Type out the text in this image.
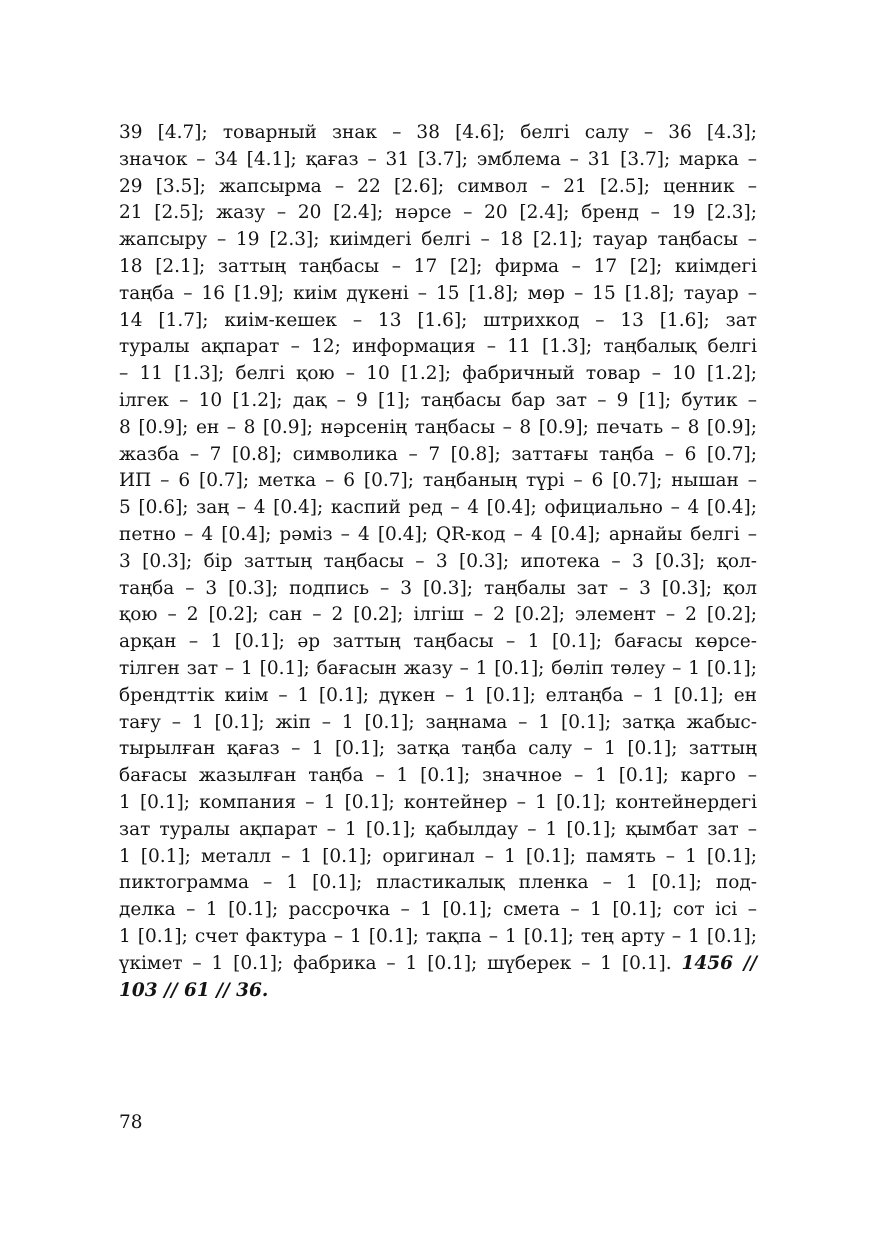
39 [4.7]; товарный знак – 38 [4.6]; белгі салу – 36 [4.3];
значок – 34 [4.1]; қағаз – 31 [3.7]; эмблема – 31 [3.7]; марка –
29 [3.5]; жапсырма – 22 [2.6]; символ – 21 [2.5]; ценник –
21 [2.5]; жазу – 20 [2.4]; нәрсе – 20 [2.4]; бренд – 19 [2.3];
жапсыру – 19 [2.3]; киімдегі белгі – 18 [2.1]; тауар таңбасы –
18 [2.1]; заттың таңбасы – 17 [2]; фирма – 17 [2]; киімдегі
таңба – 16 [1.9]; киім дүкені – 15 [1.8]; мөр – 15 [1.8]; тауар –
14 [1.7]; киім-кешек – 13 [1.6]; штрихкод – 13 [1.6]; зат
туралы ақпарат – 12; информация – 11 [1.3]; таңбалық белгі
– 11 [1.3]; белгі қою – 10 [1.2]; фабричный товар – 10 [1.2];
ілгек – 10 [1.2]; дақ – 9 [1]; таңбасы бар зат – 9 [1]; бутик –
8 [0.9]; ен – 8 [0.9]; нәрсенің таңбасы – 8 [0.9]; печать – 8 [0.9];
жазба – 7 [0.8]; символика – 7 [0.8]; заттағы таңба – 6 [0.7];
ИП – 6 [0.7]; метка – 6 [0.7]; таңбаның түрі – 6 [0.7]; нышан –
5 [0.6]; заң – 4 [0.4]; каспий ред – 4 [0.4]; официально – 4 [0.4];
петно – 4 [0.4]; рәміз – 4 [0.4]; QR-код – 4 [0.4]; арнайы белгі –
3 [0.3]; бір заттың таңбасы – 3 [0.3]; ипотека – 3 [0.3]; қол-
таңба – 3 [0.3]; подпись – 3 [0.3]; таңбалы зат – 3 [0.3]; қол
қою – 2 [0.2]; сан – 2 [0.2]; ілгіш – 2 [0.2]; элемент – 2 [0.2];
арқан – 1 [0.1]; әр заттың таңбасы – 1 [0.1]; бағасы көрсе-
тілген зат – 1 [0.1]; бағасын жазу – 1 [0.1]; бөліп төлеу – 1 [0.1];
брендттік киім – 1 [0.1]; дүкен – 1 [0.1]; елтаңба – 1 [0.1]; ен
тағу – 1 [0.1]; жіп – 1 [0.1]; заңнама – 1 [0.1]; затқа жабыс-
тырылған қағаз – 1 [0.1]; затқа таңба салу – 1 [0.1]; заттың
бағасы жазылған таңба – 1 [0.1]; значное – 1 [0.1]; карго –
1 [0.1]; компания – 1 [0.1]; контейнер – 1 [0.1]; контейнердегі
зат туралы ақпарат – 1 [0.1]; қабылдау – 1 [0.1]; қымбат зат –
1 [0.1]; металл – 1 [0.1]; оригинал – 1 [0.1]; память – 1 [0.1];
пиктограмма – 1 [0.1]; пластикалық пленка – 1 [0.1]; под-
делка – 1 [0.1]; рассрочка – 1 [0.1]; смета – 1 [0.1]; сот ісі –
1 [0.1]; счет фактура – 1 [0.1]; тақпа – 1 [0.1]; тең арту – 1 [0.1];
үкімет – 1 [0.1]; фабрика – 1 [0.1]; шүберек – 1 [0.1]. 1456 //
103 // 61 // 36.
78
